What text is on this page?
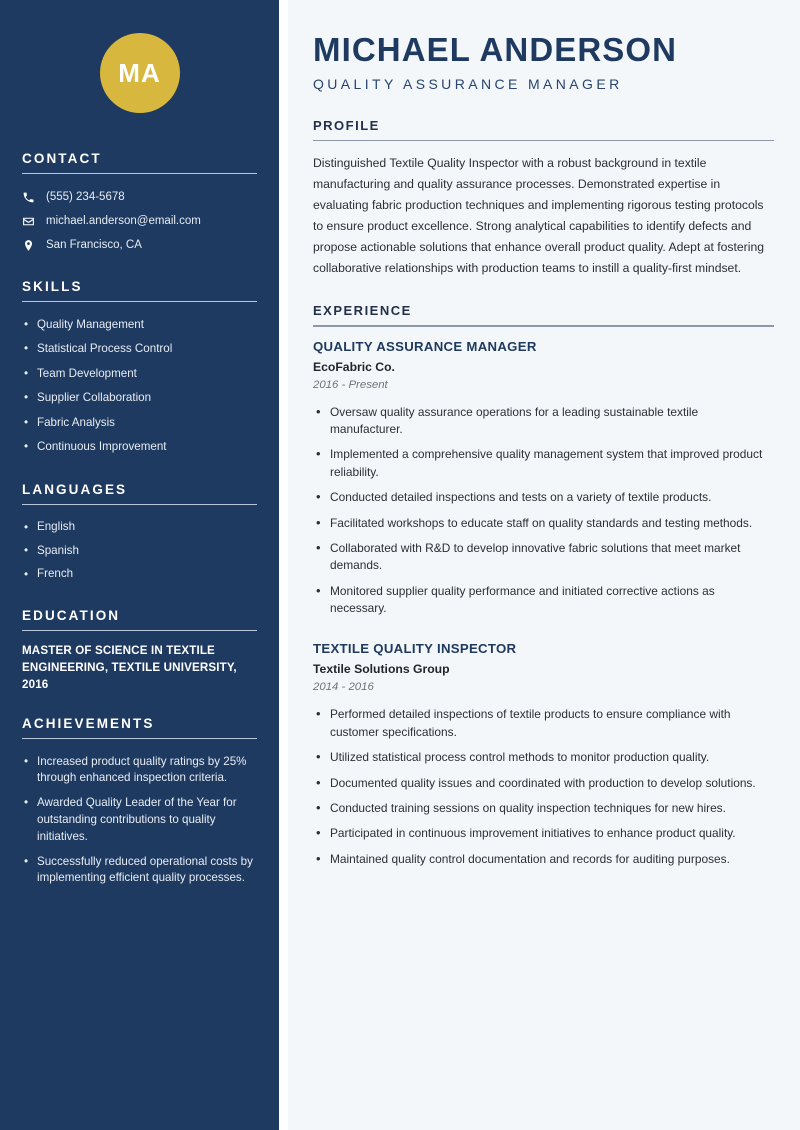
MA
CONTACT
(555) 234-5678
michael.anderson@email.com
San Francisco, CA
SKILLS
• Quality Management
• Statistical Process Control
• Team Development
• Supplier Collaboration
• Fabric Analysis
• Continuous Improvement
LANGUAGES
• English
• Spanish
• French
EDUCATION
MASTER OF SCIENCE IN TEXTILE ENGINEERING, TEXTILE UNIVERSITY, 2016
ACHIEVEMENTS
• Increased product quality ratings by 25% through enhanced inspection criteria.
• Awarded Quality Leader of the Year for outstanding contributions to quality initiatives.
• Successfully reduced operational costs by implementing efficient quality processes.
MICHAEL ANDERSON
QUALITY ASSURANCE MANAGER
PROFILE

Distinguished Textile Quality Inspector with a robust background in textile manufacturing and quality assurance processes. Demonstrated expertise in evaluating fabric production techniques and implementing rigorous testing protocols to ensure product excellence. Strong analytical capabilities to identify defects and propose actionable solutions that enhance overall product quality. Adept at fostering collaborative relationships with production teams to instill a quality-first mindset.

EXPERIENCE
QUALITY ASSURANCE MANAGER
EcoFabric Co.
2016 - Present
• Oversaw quality assurance operations for a leading sustainable textile manufacturer.
• Implemented a comprehensive quality management system that improved product reliability.
• Conducted detailed inspections and tests on a variety of textile products.
• Facilitated workshops to educate staff on quality standards and testing methods.
• Collaborated with R&D to develop innovative fabric solutions that meet market demands.
• Monitored supplier quality performance and initiated corrective actions as necessary.
TEXTILE QUALITY INSPECTOR
Textile Solutions Group
2014 - 2016
• Performed detailed inspections of textile products to ensure compliance with customer specifications.
• Utilized statistical process control methods to monitor production quality.
• Documented quality issues and coordinated with production to develop solutions.
• Conducted training sessions on quality inspection techniques for new hires.
• Participated in continuous improvement initiatives to enhance product quality.
• Maintained quality control documentation and records for auditing purposes.
